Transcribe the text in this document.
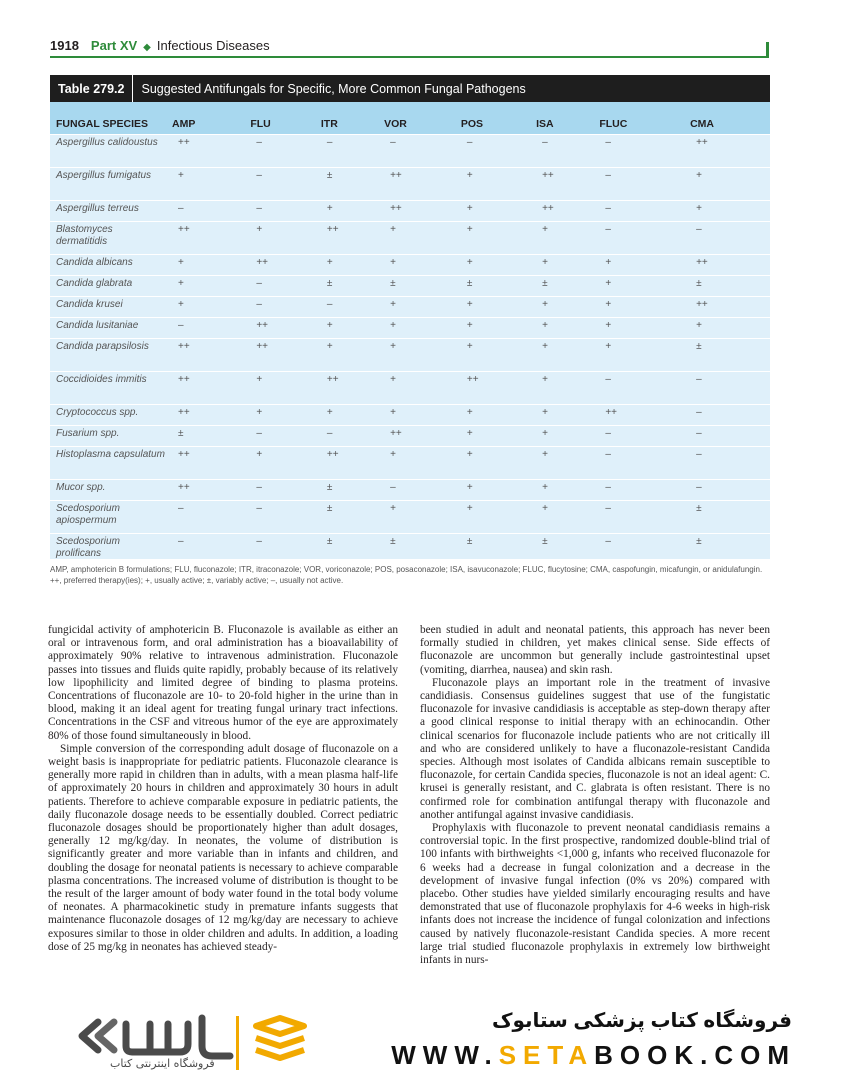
1918 Part XV ◆ Infectious Diseases
Table 279.2	Suggested Antifungals for Specific, More Common Fungal Pathogens
FUNGAL SPECIES	AMP	FLU	ITR	VOR	POS	ISA	FLUC	CMA
Aspergillus calidoustus	++	–	–	–	–	–	–	++
Aspergillus fumigatus	+	–	±	++	+	++	–	+
Aspergillus terreus	–	–	+	++	+	++	–	+
Blastomyces dermatitidis	++	+	++	+	+	+	–	–
Candida albicans	+	++	+	+	+	+	+	++
Candida glabrata	+	–	±	±	±	±	+	±
Candida krusei	+	–	–	+	+	+	+	++
Candida lusitaniae	–	++	+	+	+	+	+	+
Candida parapsilosis	++	++	+	+	+	+	+	±
Coccidioides immitis	++	+	++	+	++	+	–	–
Cryptococcus spp.	++	+	+	+	+	+	++	–
Fusarium spp.	±	–	–	++	+	+	–	–
Histoplasma capsulatum	++	+	++	+	+	+	–	–
Mucor spp.	++	–	±	–	+	+	–	–
Scedosporium apiospermum	–	–	±	+	+	+	–	±
Scedosporium prolificans	–	–	±	±	±	±	–	±

AMP, amphotericin B formulations; FLU, fluconazole; ITR, itraconazole; VOR, voriconazole; POS, posaconazole; ISA, isavuconazole; FLUC, flucytosine; CMA, caspofungin, micafungin, or anidulafungin.

++, preferred therapy(ies); +, usually active; ±, variably active; –, usually not active.

fungicidal activity of amphotericin B. Fluconazole is available as either an oral or intravenous form, and oral administration has a bioavailability of approximately 90% relative to intravenous administration. Fluconazole passes into tissues and fluids quite rapidly, probably because of its relatively low lipophilicity and limited degree of binding to plasma proteins. Concentrations of fluconazole are 10- to 20-fold higher in the urine than in blood, making it an ideal agent for treating fungal urinary tract infections. Concentrations in the CSF and vitreous humor of the eye are approximately 80% of those found simultaneously in blood.

Simple conversion of the corresponding adult dosage of fluconazole on a weight basis is inappropriate for pediatric patients. Fluconazole clearance is generally more rapid in children than in adults, with a mean plasma half-life of approximately 20 hours in children and approximately 30 hours in adult patients. Therefore to achieve comparable exposure in pediatric patients, the daily fluconazole dosage needs to be essentially doubled. Correct pediatric fluconazole dosages should be proportionately higher than adult dosages, generally 12 mg/kg/day. In neonates, the volume of distribution is significantly greater and more variable than in infants and children, and doubling the dosage for neonatal patients is necessary to achieve comparable plasma concentrations. The increased volume of distribution is thought to be the result of the larger amount of body water found in the total body volume of neonates. A pharmacokinetic study in premature infants suggests that maintenance fluconazole dosages of 12 mg/kg/day are necessary to achieve exposures similar to those in older children and adults. In addition, a loading dose of 25 mg/kg in neonates has achieved steady-

been studied in adult and neonatal patients, this approach has never been formally studied in children, yet makes clinical sense. Side effects of fluconazole are uncommon but generally include gastrointestinal upset (vomiting, diarrhea, nausea) and skin rash.

Fluconazole plays an important role in the treatment of invasive candidiasis. Consensus guidelines suggest that use of the fungistatic fluconazole for invasive candidiasis is acceptable as step-down therapy after a good clinical response to initial therapy with an echinocandin. Other clinical scenarios for fluconazole include patients who are not critically ill and who are considered unlikely to have a fluconazole-resistant Candida species. Although most isolates of Candida albicans remain susceptible to fluconazole, for certain Candida species, fluconazole is not an ideal agent: C. krusei is generally resistant, and C. glabrata is often resistant. There is no confirmed role for combination antifungal therapy with fluconazole and another antifungal against invasive candidiasis.

Prophylaxis with fluconazole to prevent neonatal candidiasis remains a controversial topic. In the first prospective, randomized double-blind trial of 100 infants with birthweights <1,000 g, infants who received fluconazole for 6 weeks had a decrease in fungal colonization and a decrease in the development of invasive fungal infection (0% vs 20%) compared with placebo. Other studies have yielded similarly encouraging results and have demonstrated that use of fluconazole prophylaxis for 4-6 weeks in high-risk infants does not increase the incidence of fungal colonization and infections caused by natively fluconazole-resistant Candida species. A more recent large trial studied fluconazole prophylaxis in extremely low birthweight infants in nurs-

فروشگاه اینترنتی کتاب
فروشگاه کتاب پزشکی ستابوک
WWW.SETABOOK.COM
